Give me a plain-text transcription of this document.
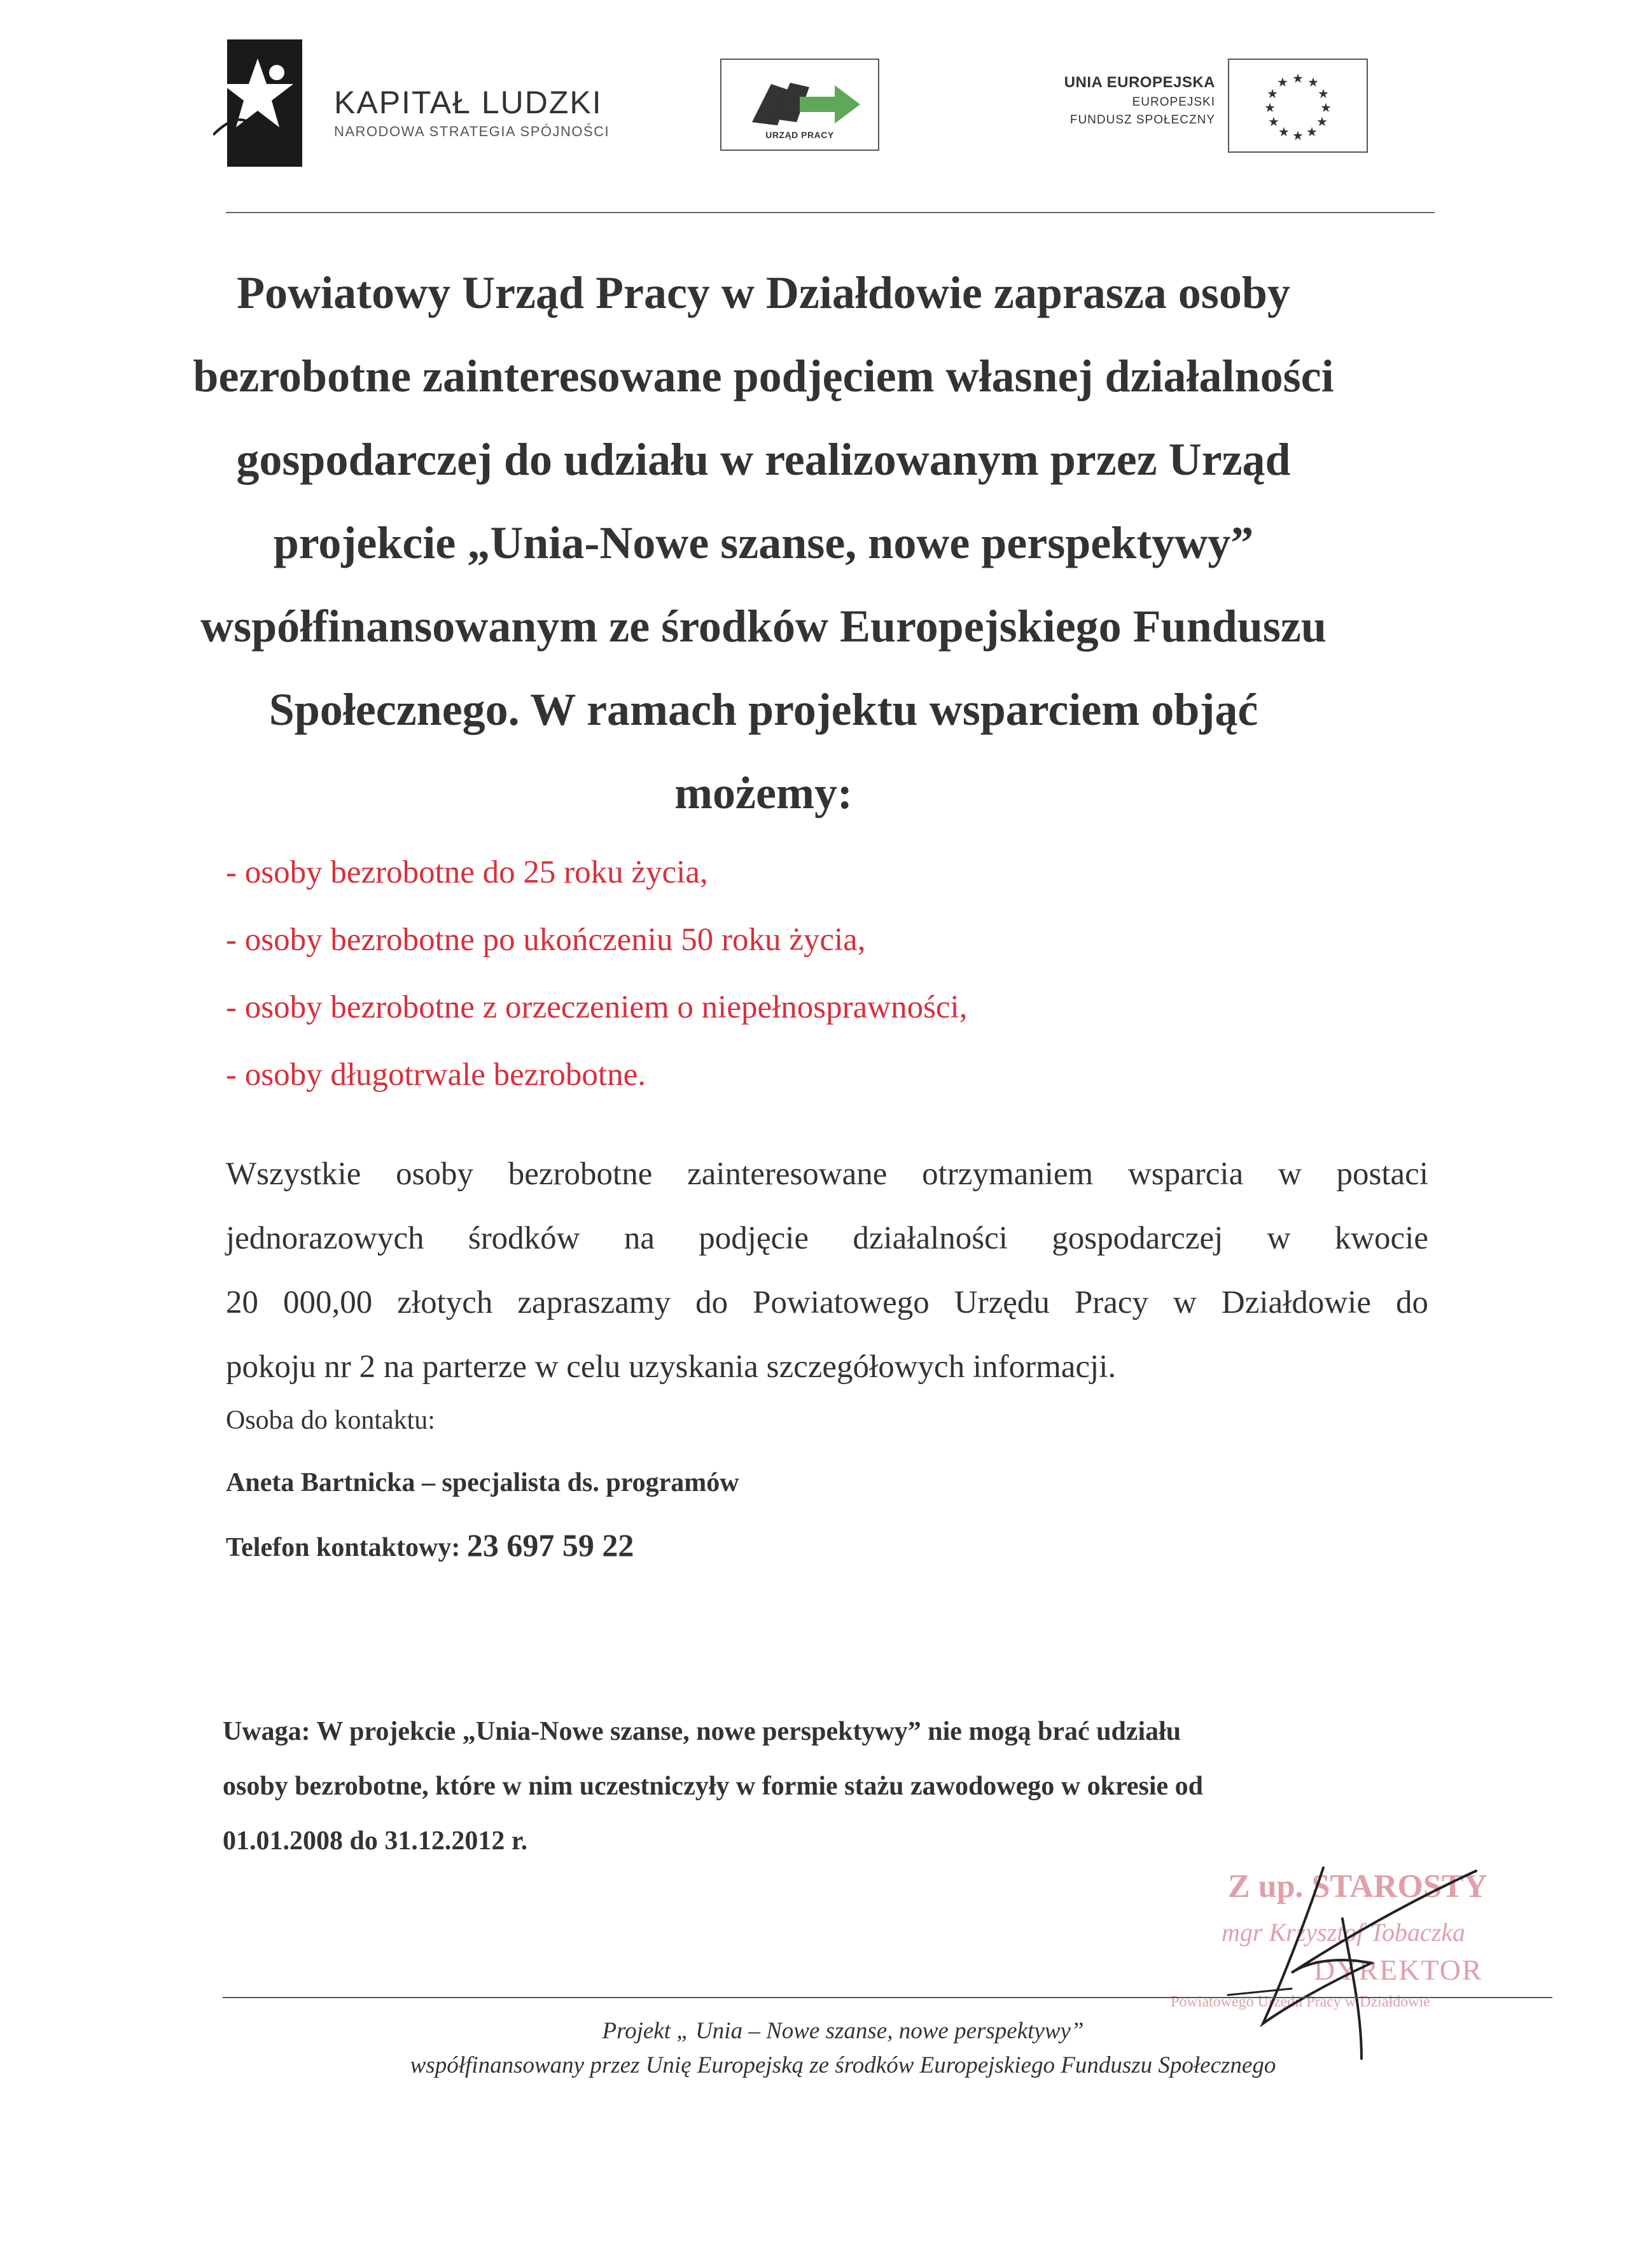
KAPITAŁ LUDZKI
NARODOWA STRATEGIA SPÓJNOŚCI	URZĄD PRACY
UNIA EUROPEJSKA
EUROPEJSKI
FUNDUSZ SPOŁECZNY
★ ★
★
★
★
★
★
★
★
★
★
★
Powiatowy Urząd Pracy w Działdowie zaprasza osoby
bezrobotne zainteresowane podjęciem własnej działalności
gospodarczej do udziału w realizowanym przez Urząd
projekcie „Unia-Nowe szanse, nowe perspektywy”
współfinansowanym ze środków Europejskiego Funduszu
Społecznego. W ramach projektu wsparciem objąć
możemy:
- osoby bezrobotne do 25 roku życia,
- osoby bezrobotne po ukończeniu 50 roku życia,
- osoby bezrobotne z orzeczeniem o niepełnosprawności,
- osoby długotrwale bezrobotne.
Wszystkie osoby bezrobotne zainteresowane otrzymaniem wsparcia w postaci
jednorazowych środków na podjęcie działalności gospodarczej w kwocie
20 000,00 złotych zapraszamy do Powiatowego Urzędu Pracy w Działdowie do
pokoju nr 2 na parterze w celu uzyskania szczegółowych informacji.
Osoba do kontaktu:
Aneta Bartnicka – specjalista ds. programów
Telefon kontaktowy: 23 697 59 22
Uwaga: W projekcie „Unia-Nowe szanse, nowe perspektywy” nie mogą brać udziału
osoby bezrobotne, które w nim uczestniczyły w formie stażu zawodowego w okresie od
01.01.2008 do 31.12.2012 r.
Z up. STAROSTY
mgr Krzysztof Tobaczka
DYREKTOR
Powiatowego Urzędu Pracy w Działdowie
Projekt „ Unia – Nowe szanse, nowe perspektywy”
współfinansowany przez Unię Europejską ze środków Europejskiego Funduszu Społecznego
